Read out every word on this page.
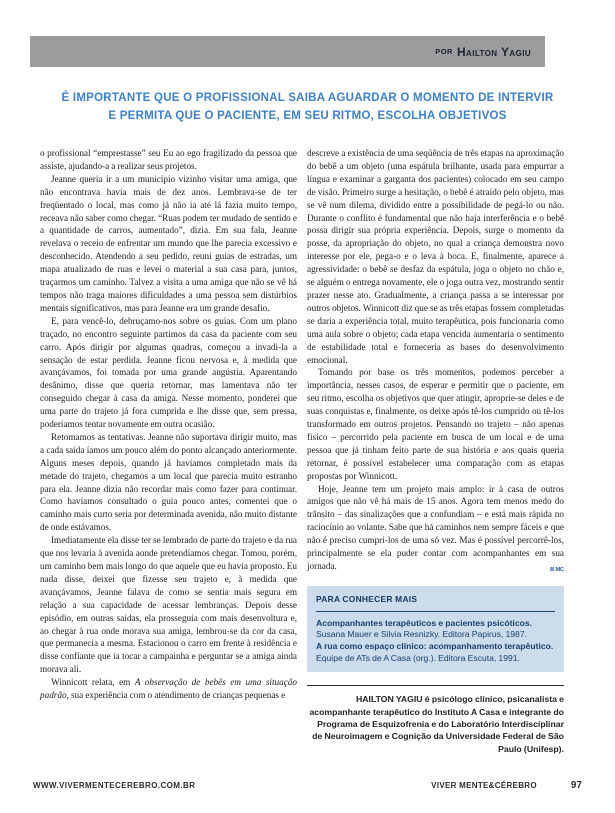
POR Hailton Yagiu
É IMPORTANTE QUE O PROFISSIONAL SAIBA AGUARDAR O MOMENTO DE INTERVIR
E PERMITA QUE O PACIENTE, EM SEU RITMO, ESCOLHA OBJETIVOS

o profissional “emprestasse” seu Eu ao ego fragilizado da pessoa que assiste, ajudando-a a realizar seus projetos.

Jeanne queria ir a um município vizinho visitar uma amiga, que não encontrava havia mais de dez anos. Lembrava-se de ter freqüentado o local, mas como já não ia até lá fazia muito tempo, receava não saber como chegar. “Ruas podem ter mudado de sentido e a quantidade de carros, aumentado”, dizia. Em sua fala, Jeanne revelava o receio de enfrentar um mundo que lhe parecia excessivo e desconhecido. Atendendo a seu pedido, reuni guias de estradas, um mapa atualizado de ruas e levei o material a sua casa para, juntos, traçarmos um caminho. Talvez a visita a uma amiga que não se vê há tempos não traga maiores dificuldades a uma pessoa sem distúrbios mentais significativos, mas para Jeanne era um grande desafio.

E, para vencê-lo, debruçamo-nos sobre os guias. Com um plano traçado, no encontro seguinte partimos da casa da paciente com seu carro. Após dirigir por algumas quadras, começou a invadi-la a sensação de estar perdida. Jeanne ficou nervosa e, à medida que avançávamos, foi tomada por uma grande angústia. Aparentando desânimo, disse que queria retornar, mas lamentava não ter conseguido chegar à casa da amiga. Nesse momento, ponderei que uma parte do trajeto já fora cumprida e lhe disse que, sem pressa, poderíamos tentar novamente em outra ocasião.

Retomamos as tentativas. Jeanne não suportava dirigir muito, mas a cada saída íamos um pouco além do ponto alcançado anteriormente. Alguns meses depois, quando já havíamos completado mais da metade do trajeto, chegamos a um local que parecia muito estranho para ela. Jeanne dizia não recordar mais como fazer para continuar. Como havíamos consultado o guia pouco antes, comentei que o caminho mais curto seria por determinada avenida, não muito distante de onde estávamos.

Imediatamente ela disse ter se lembrado de parte do trajeto e da rua que nos levaria à avenida aonde pretendíamos chegar. Tomou, porém, um caminho bem mais longo do que aquele que eu havia proposto. Eu nada disse, deixei que fizesse seu trajeto e, à medida que avançávamos, Jeanne falava de como se sentia mais segura em relação a sua capacidade de acessar lembranças. Depois desse episódio, em outras saídas, ela prosseguia com mais desenvoltura e, ao chegar à rua onde morava sua amiga, lembrou-se da cor da casa, que permanecia a mesma. Estacionou o carro em frente à residência e disse confiante que ia tocar a campainha e perguntar se a amiga ainda morava ali.

Winnicott relata, em A observação de bebês em uma situação padrão, sua experiência com o atendimento de crianças pequenas e

descreve a existência de uma seqüência de três etapas na aproximação do bebê a um objeto (uma espátula brilhante, usada para empurrar a língua e examinar a garganta dos pacientes) colocado em seu campo de visão. Primeiro surge a hesitação, o bebê é atraído pelo objeto, mas se vê num dilema, dividido entre a possibilidade de pegá-lo ou não. Durante o conflito é fundamental que não haja interferência e o bebê possa dirigir sua própria experiência. Depois, surge o momento da posse, da apropriação do objeto, no qual a criança demonstra novo interesse por ele, pega-o e o leva à boca. E, finalmente, aparece a agressividade: o bebê se desfaz da espátula, joga o objeto no chão e, se alguém o entrega novamente, ele o joga outra vez, mostrando sentir prazer nesse ato. Gradualmente, a criança passa a se interessar por outros objetos. Winnicott diz que se as três etapas fossem completadas se daria a experiência total, muito terapêutica, pois funcionaria como uma aula sobre o objeto; cada etapa vencida aumentaria o sentimento de estabilidade total e forneceria as bases do desenvolvimento emocional.

Tomando por base os três momentos, podemos perceber a importância, nesses casos, de esperar e permitir que o paciente, em seu ritmo, escolha os objetivos que quer atingir, aproprie-se deles e de suas conquistas e, finalmente, os deixe após tê-los cumprido ou tê-los transformado em outros projetos. Pensando no trajeto – não apenas físico – percorrido pela paciente em busca de um local e de uma pessoa que já tinham feito parte de sua história e aos quais queria retornar, é possível estabelecer uma comparação com as etapas propostas por Winnicott.

Hoje, Jeanne tem um projeto mais amplo: ir à casa de outros amigos que não vê há mais de 15 anos. Agora tem menos medo do trânsito – das sinalizações que a confundiam – e está mais rápida no raciocínio ao volante. Sabe que há caminhos nem sempre fáceis e que não é preciso cumpri-los de uma só vez. Mas é possível percorrê-los, principalmente se ela puder contar com acompanhantes em sua jornada.	MC

PARA CONHECER MAIS
Acompanhantes terapêuticos e pacientes psicóticos. Susana Mauer e Silvia Resnizky. Editora Papirus, 1987.
A rua como espaço clínico: acompanhamento terapêutico. Equipe de ATs de A Casa (org.). Editora Escuta, 1991.
HAILTON YAGIU é psicólogo clínico, psicanalista e acompanhante terapêutico do Instituto A Casa e integrante do Programa de Esquizofrenia e do Laboratório Interdisciplinar de Neuroimagem e Cognição da Universidade Federal de São Paulo (Unifesp).
WWW.VIVERMENTECEREBRO.COM.BR	VIVER MENTE&CÉREBRO	97
